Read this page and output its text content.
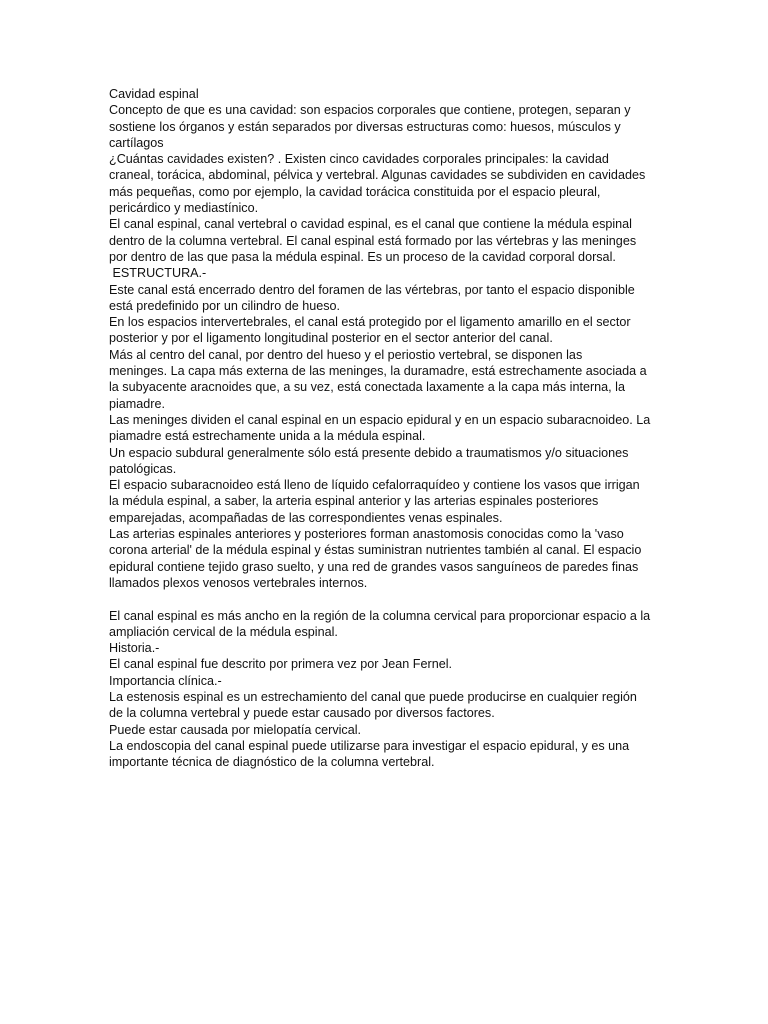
Cavidad espinal
Concepto de que es una cavidad: son espacios corporales que contiene, protegen, separan y
sostiene los órganos y están separados por diversas estructuras como: huesos, músculos y
cartílagos
¿Cuántas cavidades existen? . Existen cinco cavidades corporales principales: la cavidad
craneal, torácica, abdominal, pélvica y vertebral. Algunas cavidades se subdividen en cavidades
más pequeñas, como por ejemplo, la cavidad torácica constituida por el espacio pleural,
pericárdico y mediastínico.
El canal espinal, canal vertebral o cavidad espinal, es el canal que contiene la médula espinal
dentro de la columna vertebral. El canal espinal está formado por las vértebras y las meninges
por dentro de las que pasa la médula espinal. Es un proceso de la cavidad corporal dorsal.
ESTRUCTURA.-
Este canal está encerrado dentro del foramen de las vértebras, por tanto el espacio disponible
está predefinido por un cilindro de hueso.
En los espacios intervertebrales, el canal está protegido por el ligamento amarillo en el sector
posterior y por el ligamento longitudinal posterior en el sector anterior del canal.
Más al centro del canal, por dentro del hueso y el periostio vertebral, se disponen las
meninges. La capa más externa de las meninges, la duramadre, está estrechamente asociada a
la subyacente aracnoides que, a su vez, está conectada laxamente a la capa más interna, la
piamadre.
Las meninges dividen el canal espinal en un espacio epidural y en un espacio subaracnoideo. La
piamadre está estrechamente unida a la médula espinal.
Un espacio subdural generalmente sólo está presente debido a traumatismos y/o situaciones
patológicas.
El espacio subaracnoideo está lleno de líquido cefalorraquídeo y contiene los vasos que irrigan
la médula espinal, a saber, la arteria espinal anterior y las arterias espinales posteriores
emparejadas, acompañadas de las correspondientes venas espinales.
Las arterias espinales anteriores y posteriores forman anastomosis conocidas como la 'vaso
corona arterial' de la médula espinal y éstas suministran nutrientes también al canal. El espacio
epidural contiene tejido graso suelto, y una red de grandes vasos sanguíneos de paredes finas
llamados plexos venosos vertebrales internos.
El canal espinal es más ancho en la región de la columna cervical para proporcionar espacio a la
ampliación cervical de la médula espinal.
Historia.-
El canal espinal fue descrito por primera vez por Jean Fernel.
Importancia clínica.-
La estenosis espinal es un estrechamiento del canal que puede producirse en cualquier región
de la columna vertebral y puede estar causado por diversos factores.
Puede estar causada por mielopatía cervical.
La endoscopia del canal espinal puede utilizarse para investigar el espacio epidural, y es una
importante técnica de diagnóstico de la columna vertebral.
